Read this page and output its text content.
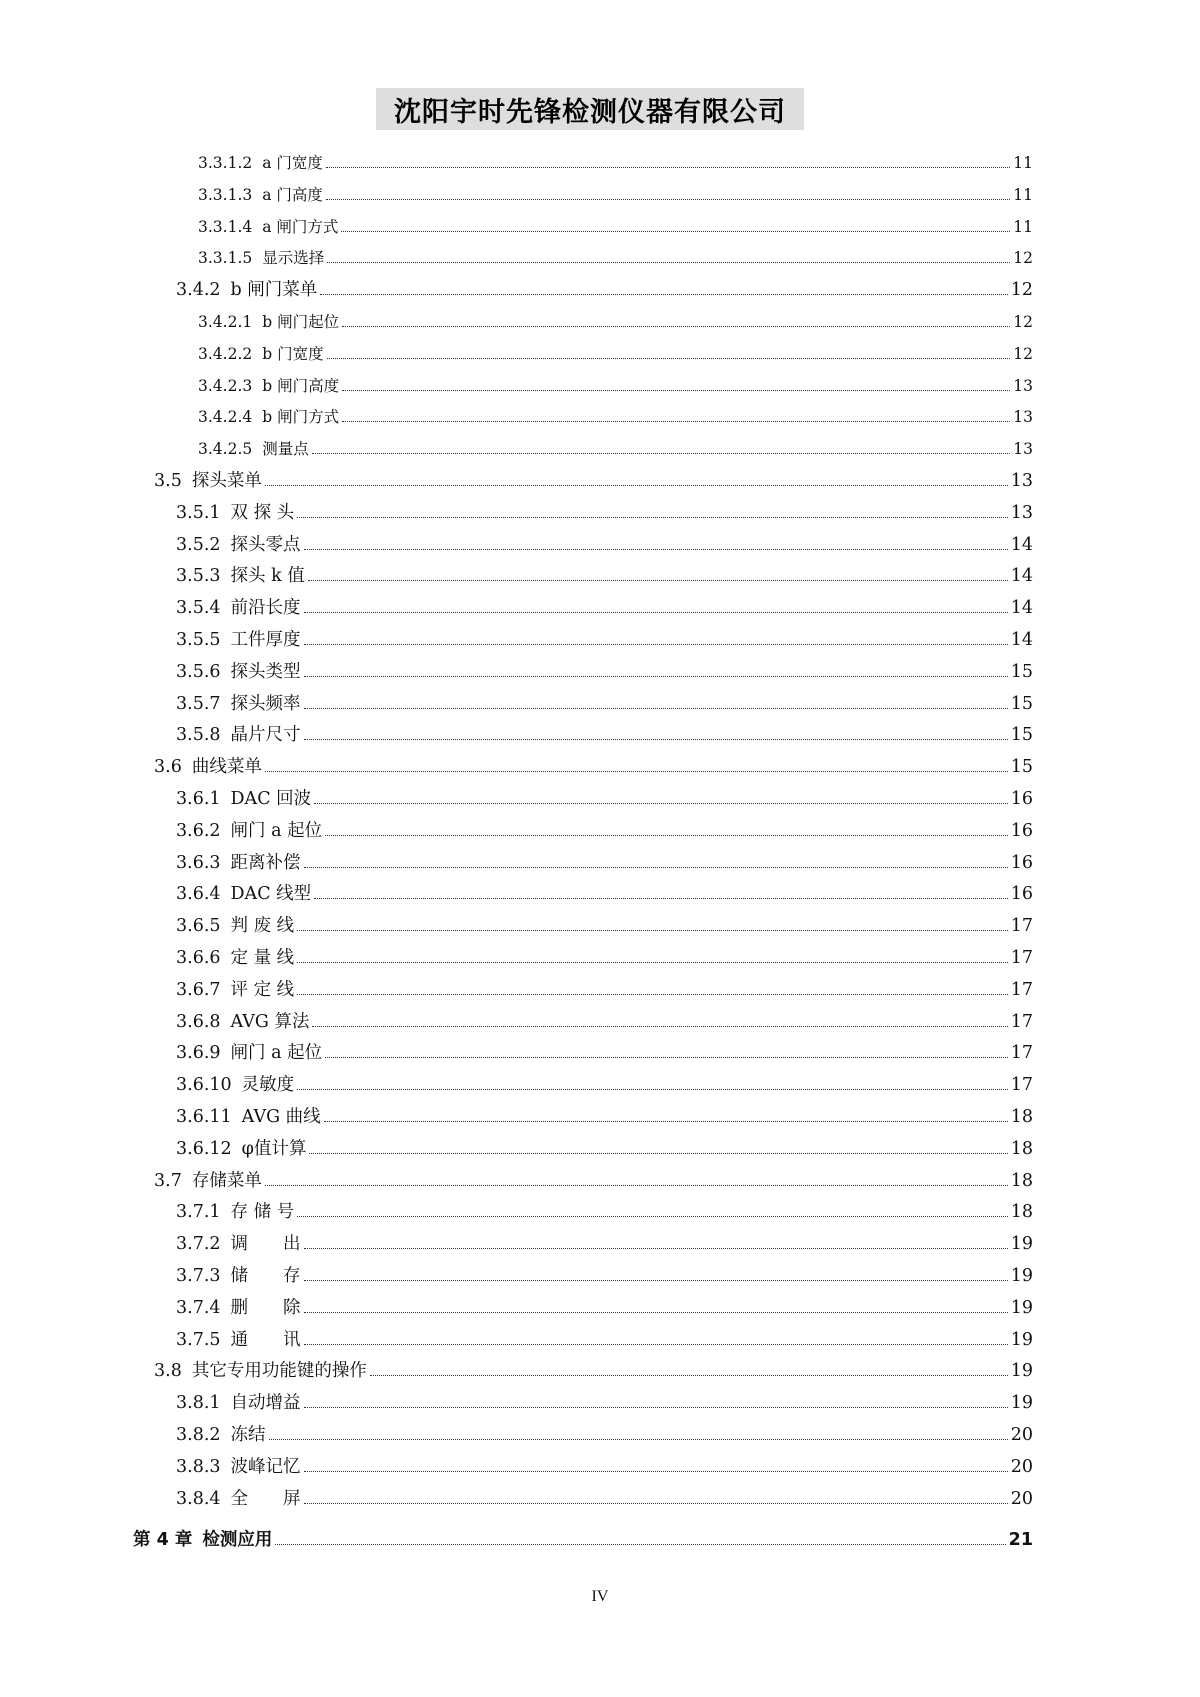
沈阳宇时先锋检测仪器有限公司
3.3.1.2 a 门宽度	11
3.3.1.3 a 门高度	11
3.3.1.4 a 闸门方式	11
3.3.1.5 显示选择	12
3.4.2 b 闸门菜单	12
3.4.2.1 b 闸门起位	12
3.4.2.2 b 门宽度	12
3.4.2.3 b 闸门高度	13
3.4.2.4 b 闸门方式	13
3.4.2.5 测量点	13
3.5 探头菜单	13
3.5.1 双 探 头	13
3.5.2 探头零点	14
3.5.3 探头 k 值	14
3.5.4 前沿长度	14
3.5.5 工件厚度	14
3.5.6 探头类型	15
3.5.7 探头频率	15
3.5.8 晶片尺寸	15
3.6 曲线菜单	15
3.6.1 DAC 回波	16
3.6.2 闸门 a 起位	16
3.6.3 距离补偿	16
3.6.4 DAC 线型	16
3.6.5 判 废 线	17
3.6.6 定 量 线	17
3.6.7 评 定 线	17
3.6.8 AVG 算法	17
3.6.9 闸门 a 起位	17
3.6.10 灵敏度	17
3.6.11 AVG 曲线	18
3.6.12 φ值计算	18
3.7 存储菜单	18
3.7.1 存 储 号	18
3.7.2 调　　出	19
3.7.3 储　　存	19
3.7.4 删　　除	19
3.7.5 通　　讯	19
3.8 其它专用功能键的操作	19
3.8.1 自动增益	19
3.8.2 冻结	20
3.8.3 波峰记忆	20
3.8.4 全　　屏	20
第 4 章 检测应用	21
IV
